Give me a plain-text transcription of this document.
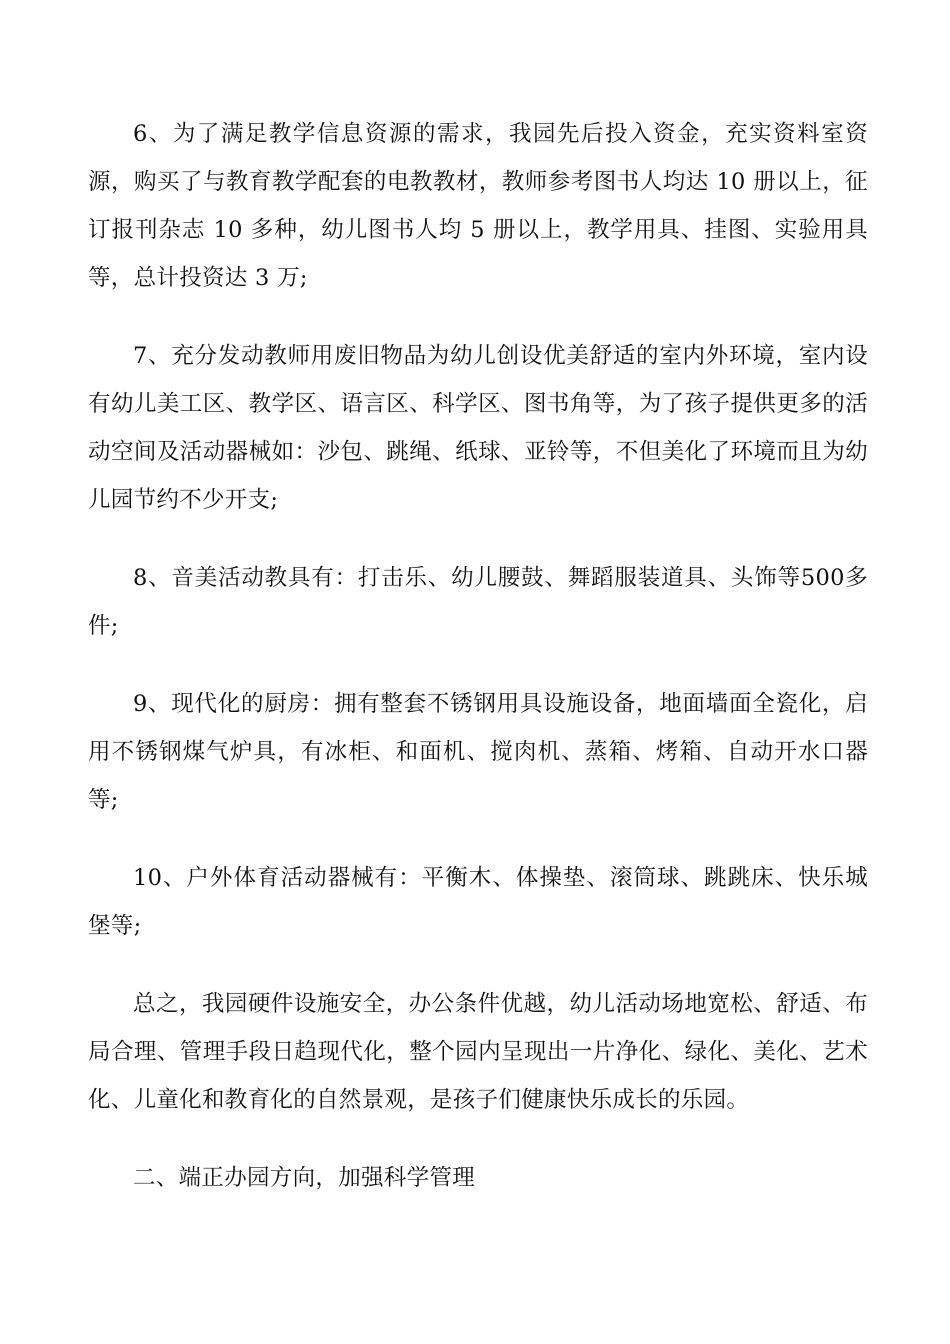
6、为了满足教学信息资源的需求，我园先后投入资金，充实资料室资源，购买了与教育教学配套的电教教材，教师参考图书人均达 10 册以上，征订报刊杂志 10 多种，幼儿图书人均 5 册以上，教学用具、挂图、实验用具等，总计投资达 3 万;

7、充分发动教师用废旧物品为幼儿创设优美舒适的室内外环境，室内设有幼儿美工区、教学区、语言区、科学区、图书角等，为了孩子提供更多的活动空间及活动器械如：沙包、跳绳、纸球、亚铃等，不但美化了环境而且为幼儿园节约不少开支;

8、音美活动教具有：打击乐、幼儿腰鼓、舞蹈服装道具、头饰等500多件;

9、现代化的厨房：拥有整套不锈钢用具设施设备，地面墙面全瓷化，启用不锈钢煤气炉具，有冰柜、和面机、搅肉机、蒸箱、烤箱、自动开水口器等;

10、户外体育活动器械有：平衡木、体操垫、滚筒球、跳跳床、快乐城堡等;

总之，我园硬件设施安全，办公条件优越，幼儿活动场地宽松、舒适、布局合理、管理手段日趋现代化，整个园内呈现出一片净化、绿化、美化、艺术化、儿童化和教育化的自然景观，是孩子们健康快乐成长的乐园。

二、端正办园方向，加强科学管理
